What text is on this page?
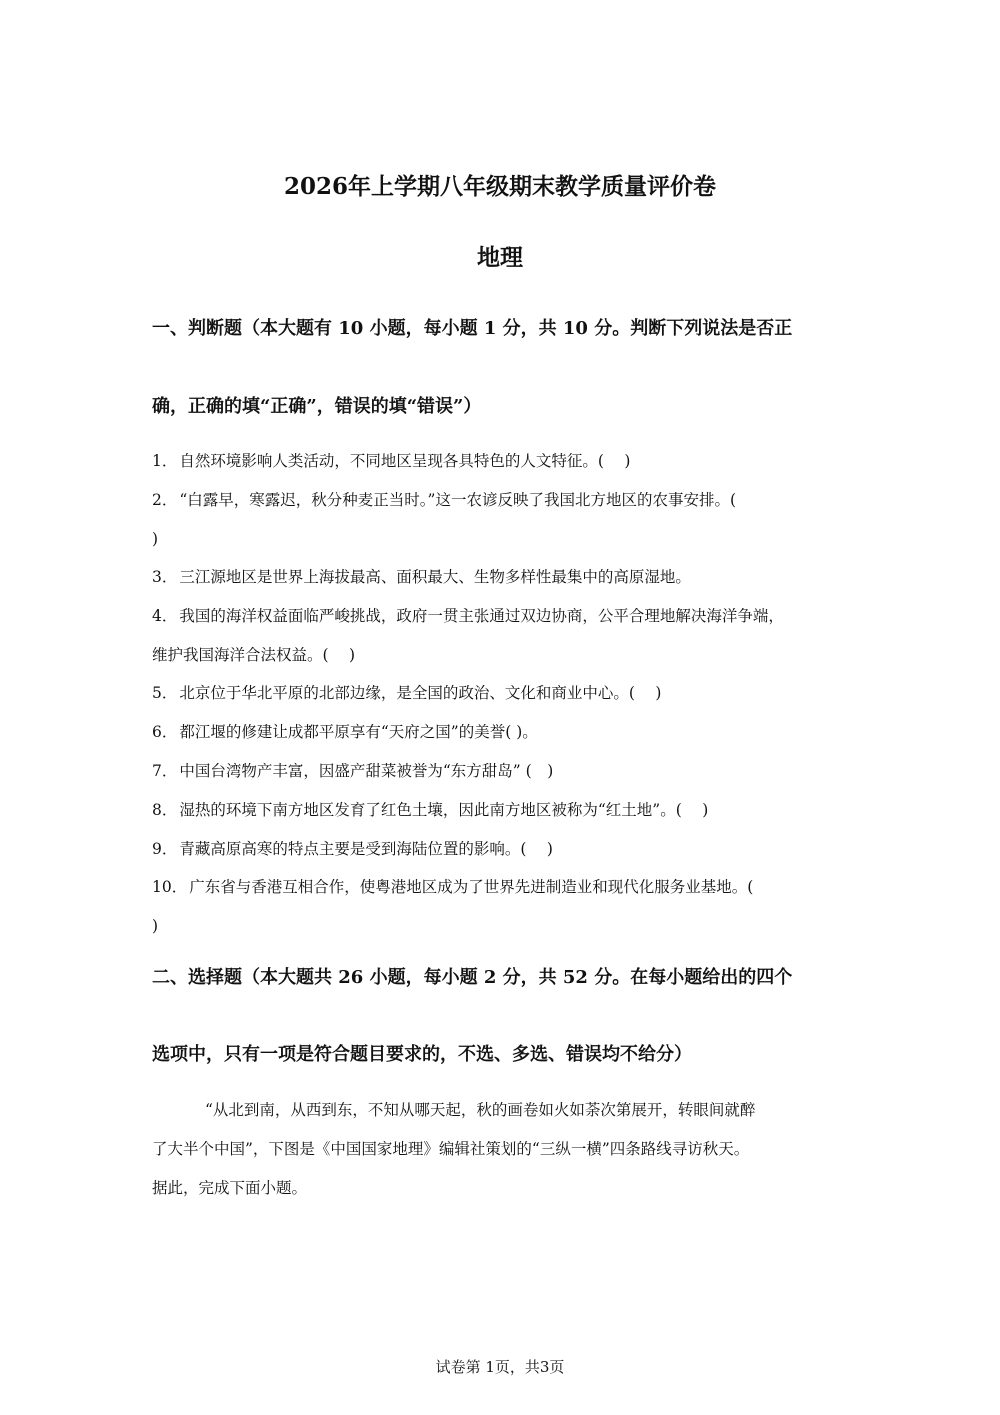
2026年上学期八年级期末教学质量评价卷
地理

一、判断题（本大题有 10 小题，每小题 1 分，共 10 分。判断下列说法是否正

确，正确的填“正确”，错误的填“错误”）

1． 自然环境影响人类活动，不同地区呈现各具特色的人文特征。(　 )

2． “白露早，寒露迟，秋分种麦正当时。”这一农谚反映了我国北方地区的农事安排。(

)

3． 三江源地区是世界上海拔最高、面积最大、生物多样性最集中的高原湿地。

4． 我国的海洋权益面临严峻挑战，政府一贯主张通过双边协商，公平合理地解决海洋争端，

维护我国海洋合法权益。(　 )

5． 北京位于华北平原的北部边缘，是全国的政治、文化和商业中心。(　 )

6． 都江堰的修建让成都平原享有“天府之国”的美誉( )。

7． 中国台湾物产丰富，因盛产甜菜被誉为“东方甜岛” (　)

8． 湿热的环境下南方地区发育了红色土壤，因此南方地区被称为“红土地”。(　 )

9． 青藏高原高寒的特点主要是受到海陆位置的影响。(　 )

10． 广东省与香港互相合作，使粤港地区成为了世界先进制造业和现代化服务业基地。(

)

二、选择题（本大题共 26 小题，每小题 2 分，共 52 分。在每小题给出的四个

选项中，只有一项是符合题目要求的，不选、多选、错误均不给分）

“从北到南，从西到东，不知从哪天起，秋的画卷如火如荼次第展开，转眼间就醉

了大半个中国”，下图是《中国国家地理》编辑社策划的“三纵一横”四条路线寻访秋天。

据此，完成下面小题。

试卷第 1页，共3页
